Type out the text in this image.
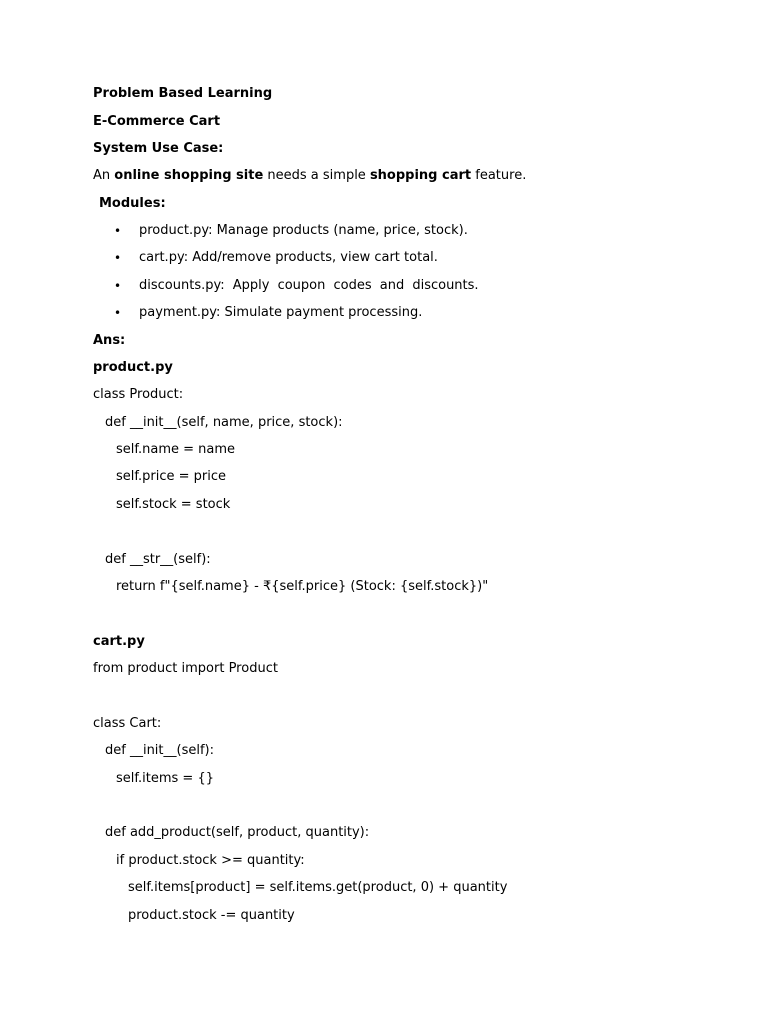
Problem Based Learning
E-Commerce Cart
System Use Case:
An online shopping site needs a simple shopping cart feature.
Modules:
• product.py: Manage products (name, price, stock).
• cart.py: Add/remove products, view cart total.
• discounts.py: Apply coupon codes and discounts.
• payment.py: Simulate payment processing.
Ans:
product.py
class Product:
def __init__(self, name, price, stock):
self.name = name
self.price = price
self.stock = stock
def __str__(self):
return f"{self.name} - ₹{self.price} (Stock: {self.stock})"
cart.py
from product import Product
class Cart:
def __init__(self):
self.items = {}
def add_product(self, product, quantity):
if product.stock >= quantity:
self.items[product] = self.items.get(product, 0) + quantity
product.stock -= quantity
